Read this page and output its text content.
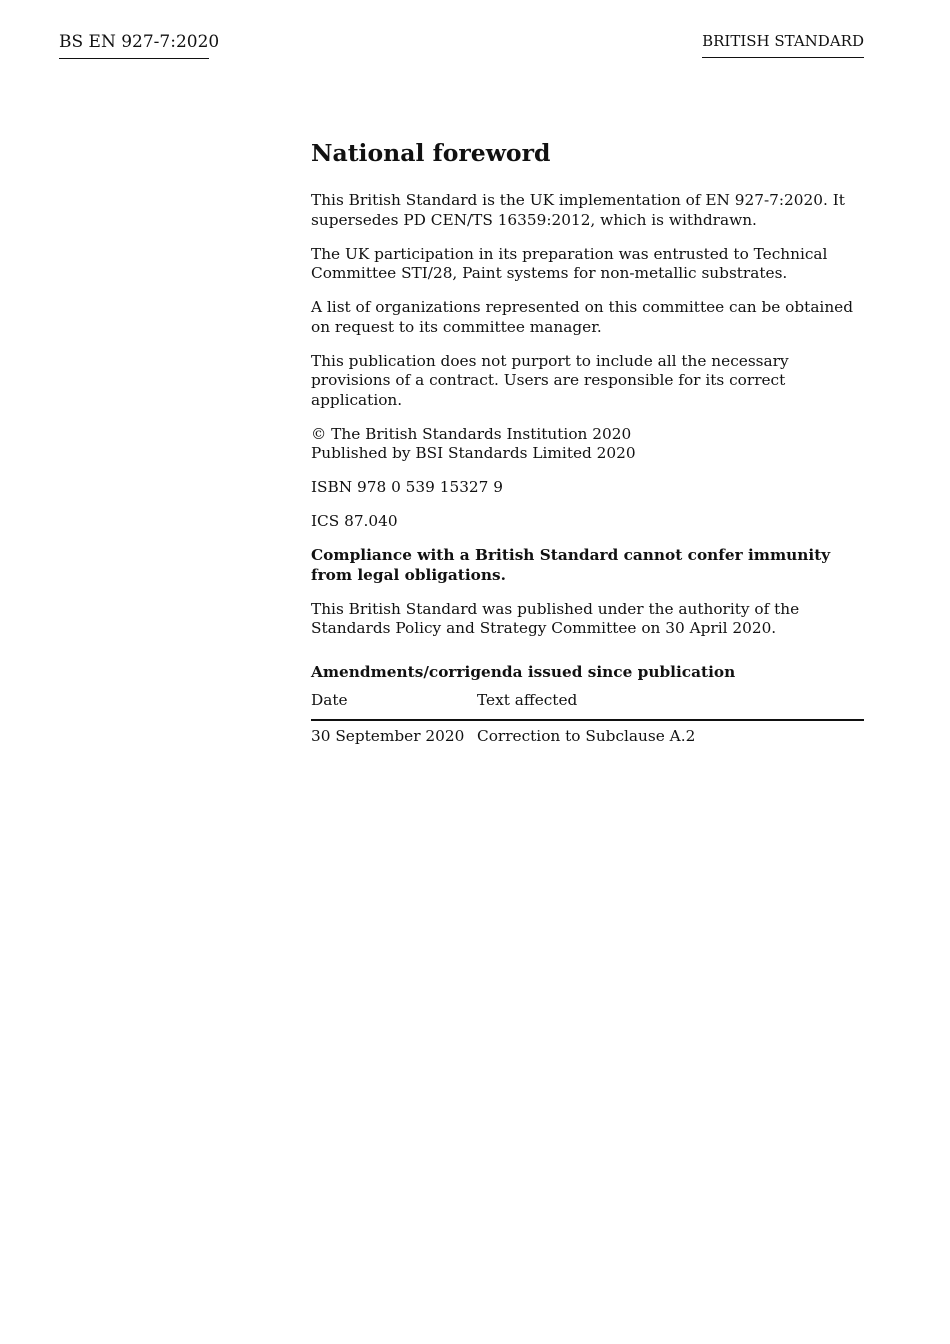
BS EN 927-7:2020	BRITISH STANDARD
National foreword

This British Standard is the UK implementation of EN 927-7:2020. It supersedes PD CEN/TS 16359:2012, which is withdrawn.

The UK participation in its preparation was entrusted to Technical Committee STI/28, Paint systems for non-metallic substrates.

A list of organizations represented on this committee can be obtained on request to its committee manager.

This publication does not purport to include all the necessary provisions of a contract. Users are responsible for its correct application.

© The British Standards Institution 2020

Published by BSI Standards Limited 2020

ISBN 978 0 539 15327 9

ICS 87.040

Compliance with a British Standard cannot confer immunity from legal obligations.

This British Standard was published under the authority of the Standards Policy and Strategy Committee on 30 April 2020.

Amendments/corrigenda issued since publication
Date	Text affected
30 September 2020	Correction to Subclause A.2
